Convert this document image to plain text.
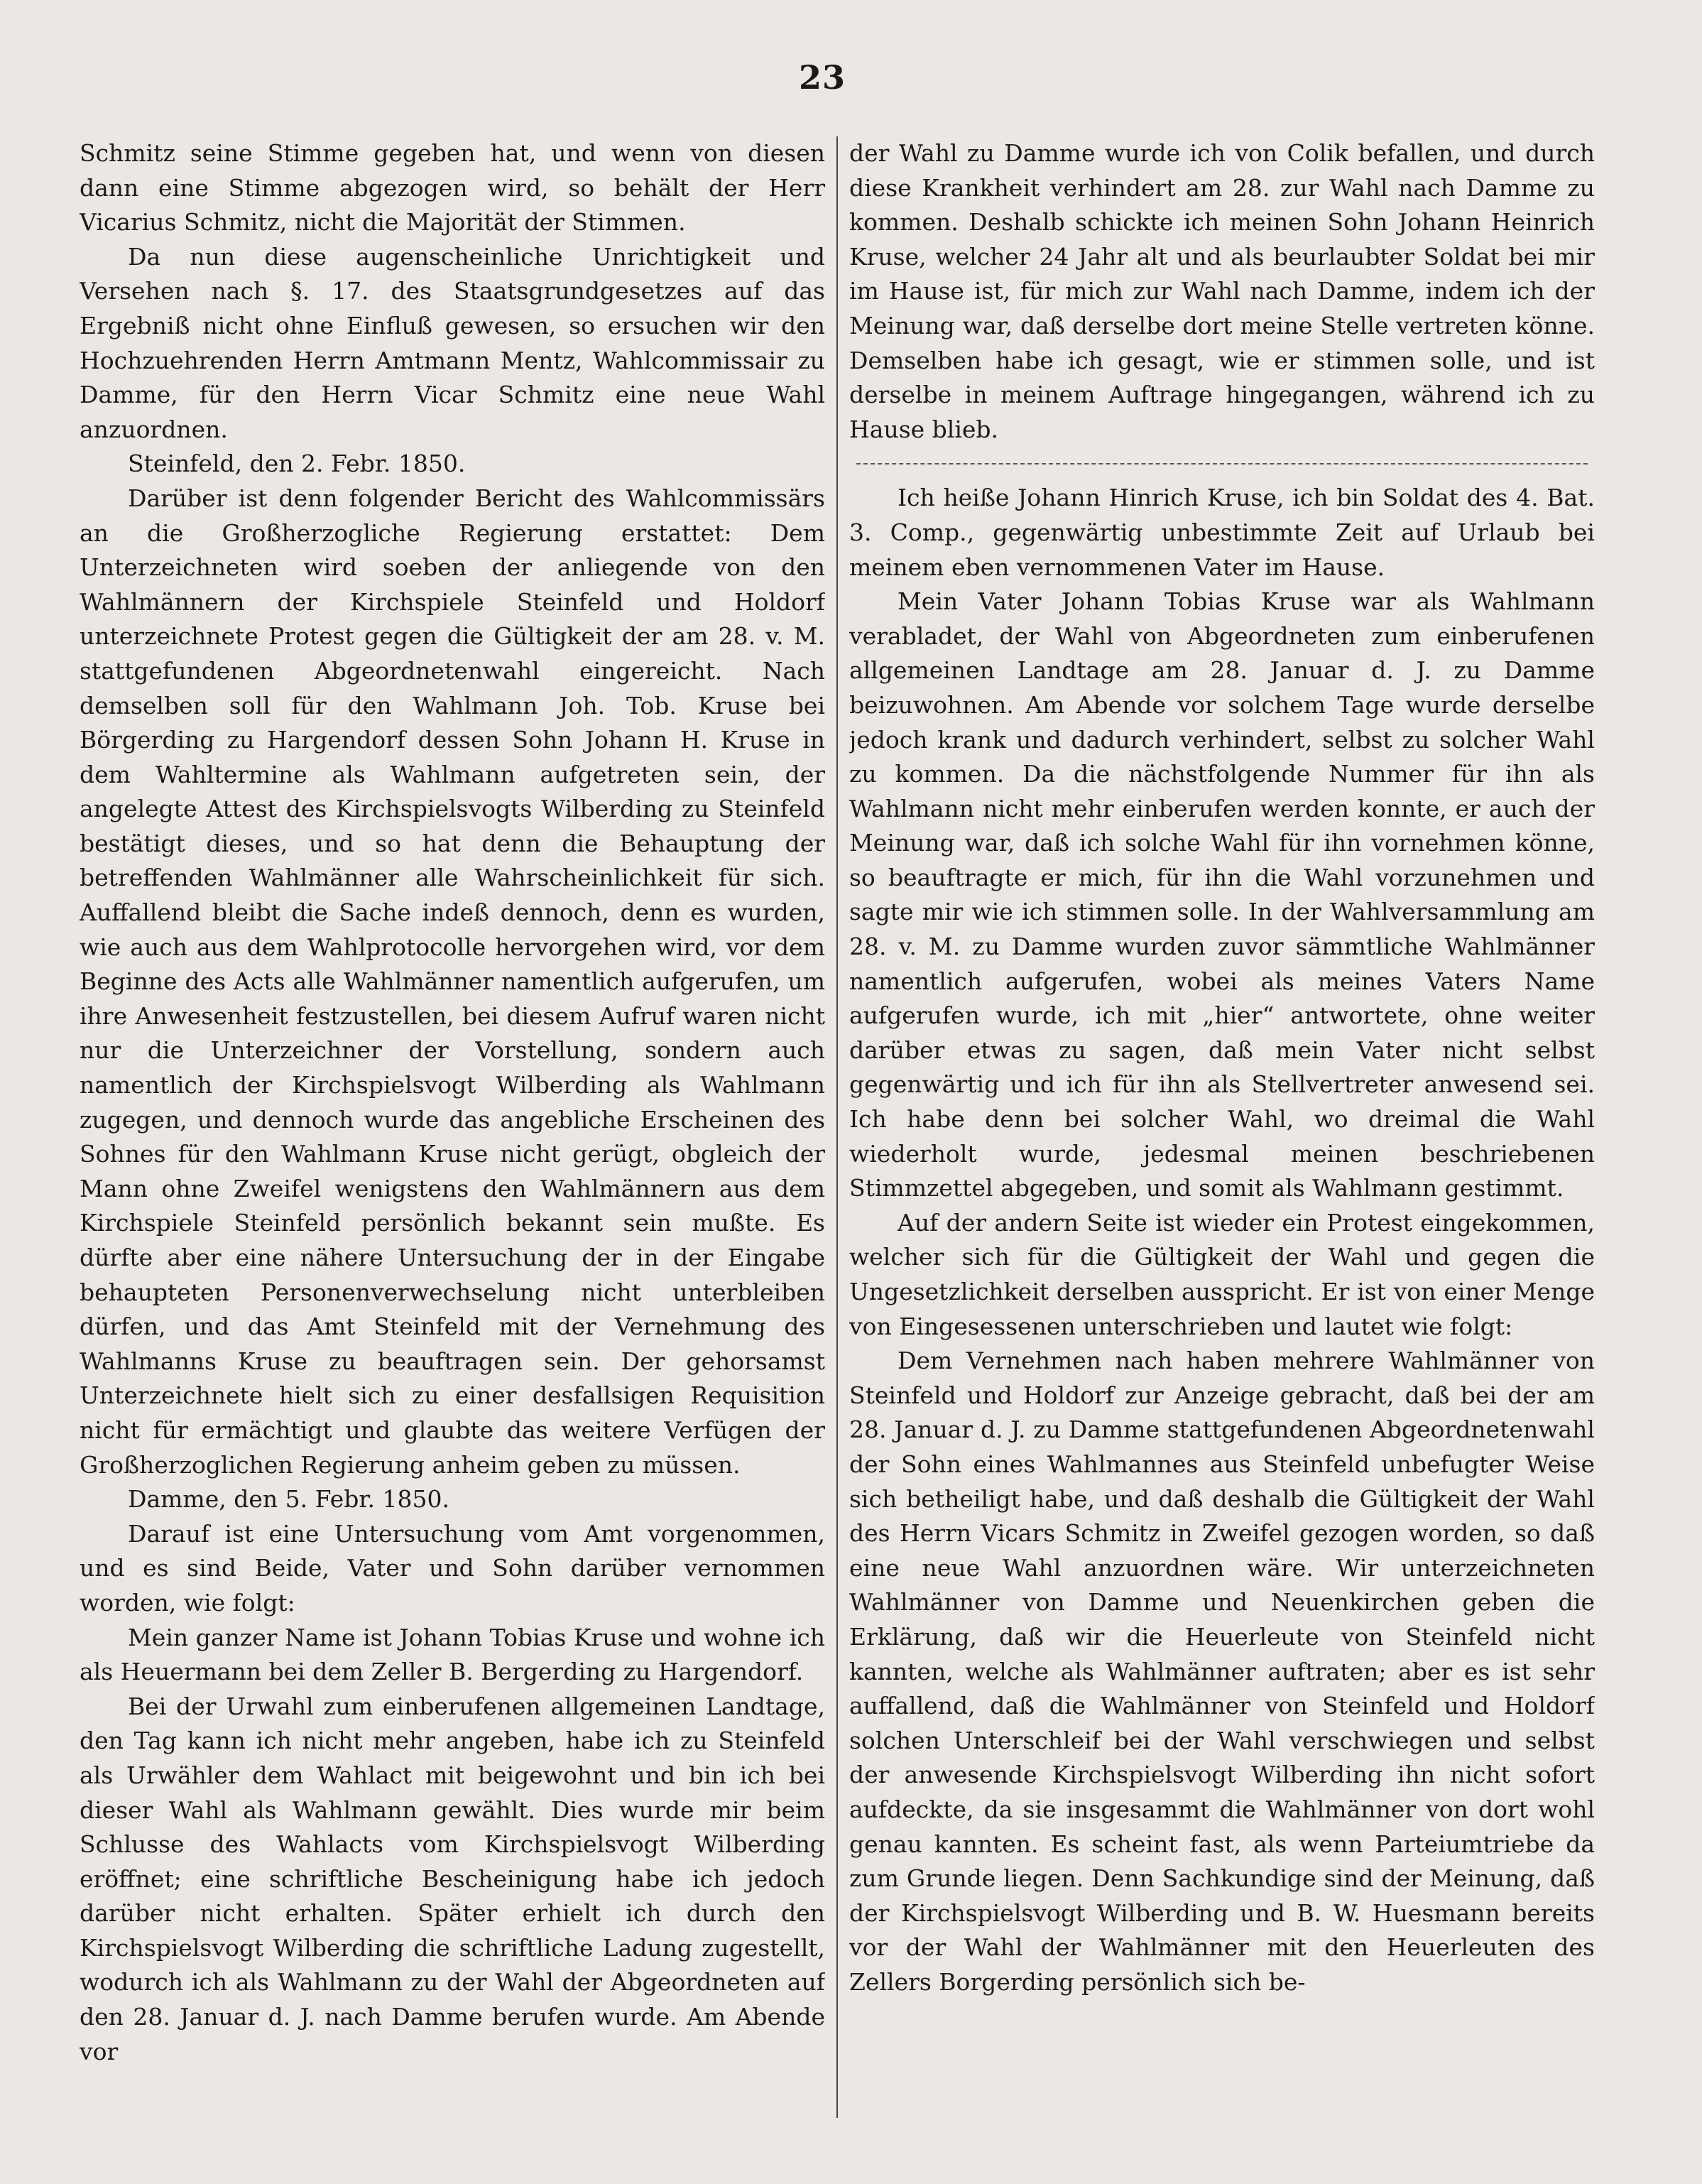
23

Schmitz seine Stimme gegeben hat, und wenn von diesen dann eine Stimme abgezogen wird, so behält der Herr Vicarius Schmitz, nicht die Majorität der Stimmen.

Da nun diese augenscheinliche Unrichtigkeit und Versehen nach §. 17. des Staatsgrundgesetzes auf das Ergebniß nicht ohne Einfluß gewesen, so ersuchen wir den Hochzuehrenden Herrn Amtmann Mentz, Wahlcommissair zu Damme, für den Herrn Vicar Schmitz eine neue Wahl anzuordnen.

Steinfeld, den 2. Febr. 1850.

Darüber ist denn folgender Bericht des Wahlcommissärs an die Großherzogliche Regierung erstattet: Dem Unterzeichneten wird soeben der anliegende von den Wahlmännern der Kirchspiele Steinfeld und Holdorf unterzeichnete Protest gegen die Gültigkeit der am 28. v. M. stattgefundenen Abgeordnetenwahl eingereicht. Nach demselben soll für den Wahlmann Joh. Tob. Kruse bei Börgerding zu Hargendorf dessen Sohn Johann H. Kruse in dem Wahltermine als Wahlmann aufgetreten sein, der angelegte Attest des Kirchspielsvogts Wilberding zu Steinfeld bestätigt dieses, und so hat denn die Behauptung der betreffenden Wahlmänner alle Wahrscheinlichkeit für sich. Auffallend bleibt die Sache indeß dennoch, denn es wurden, wie auch aus dem Wahlprotocolle hervorgehen wird, vor dem Beginne des Acts alle Wahlmänner namentlich aufgerufen, um ihre Anwesenheit festzustellen, bei diesem Aufruf waren nicht nur die Unterzeichner der Vorstellung, sondern auch namentlich der Kirchspielsvogt Wilberding als Wahlmann zugegen, und dennoch wurde das angebliche Erscheinen des Sohnes für den Wahlmann Kruse nicht gerügt, obgleich der Mann ohne Zweifel wenigstens den Wahlmännern aus dem Kirchspiele Steinfeld persönlich bekannt sein mußte. Es dürfte aber eine nähere Untersuchung der in der Eingabe behaupteten Personenverwechselung nicht unterbleiben dürfen, und das Amt Steinfeld mit der Vernehmung des Wahlmanns Kruse zu beauftragen sein. Der gehorsamst Unterzeichnete hielt sich zu einer desfallsigen Requisition nicht für ermächtigt und glaubte das weitere Verfügen der Großherzoglichen Regierung anheim geben zu müssen.

Damme, den 5. Febr. 1850.

Darauf ist eine Untersuchung vom Amt vorgenommen, und es sind Beide, Vater und Sohn darüber vernommen worden, wie folgt:

Mein ganzer Name ist Johann Tobias Kruse und wohne ich als Heuermann bei dem Zeller B. Bergerding zu Hargendorf.

Bei der Urwahl zum einberufenen allgemeinen Landtage, den Tag kann ich nicht mehr angeben, habe ich zu Steinfeld als Urwähler dem Wahlact mit beigewohnt und bin ich bei dieser Wahl als Wahlmann gewählt. Dies wurde mir beim Schlusse des Wahlacts vom Kirchspielsvogt Wilberding eröffnet; eine schriftliche Bescheinigung habe ich jedoch darüber nicht erhalten. Später erhielt ich durch den Kirchspielsvogt Wilberding die schriftliche Ladung zugestellt, wodurch ich als Wahlmann zu der Wahl der Abgeordneten auf den 28. Januar d. J. nach Damme berufen wurde. Am Abende vor

der Wahl zu Damme wurde ich von Colik befallen, und durch diese Krankheit verhindert am 28. zur Wahl nach Damme zu kommen. Deshalb schickte ich meinen Sohn Johann Heinrich Kruse, welcher 24 Jahr alt und als beurlaubter Soldat bei mir im Hause ist, für mich zur Wahl nach Damme, indem ich der Meinung war, daß derselbe dort meine Stelle vertreten könne. Demselben habe ich gesagt, wie er stimmen solle, und ist derselbe in meinem Auftrage hingegangen, während ich zu Hause blieb.

Ich heiße Johann Hinrich Kruse, ich bin Soldat des 4. Bat. 3. Comp., gegenwärtig unbestimmte Zeit auf Urlaub bei meinem eben vernommenen Vater im Hause.

Mein Vater Johann Tobias Kruse war als Wahlmann verabladet, der Wahl von Abgeordneten zum einberufenen allgemeinen Landtage am 28. Januar d. J. zu Damme beizuwohnen. Am Abende vor solchem Tage wurde derselbe jedoch krank und dadurch verhindert, selbst zu solcher Wahl zu kommen. Da die nächstfolgende Nummer für ihn als Wahlmann nicht mehr einberufen werden konnte, er auch der Meinung war, daß ich solche Wahl für ihn vornehmen könne, so beauftragte er mich, für ihn die Wahl vorzunehmen und sagte mir wie ich stimmen solle. In der Wahlversammlung am 28. v. M. zu Damme wurden zuvor sämmtliche Wahlmänner namentlich aufgerufen, wobei als meines Vaters Name aufgerufen wurde, ich mit „hier“ antwortete, ohne weiter darüber etwas zu sagen, daß mein Vater nicht selbst gegenwärtig und ich für ihn als Stellvertreter anwesend sei. Ich habe denn bei solcher Wahl, wo dreimal die Wahl wiederholt wurde, jedesmal meinen beschriebenen Stimmzettel abgegeben, und somit als Wahlmann gestimmt.

Auf der andern Seite ist wieder ein Protest eingekommen, welcher sich für die Gültigkeit der Wahl und gegen die Ungesetzlichkeit derselben ausspricht. Er ist von einer Menge von Eingesessenen unterschrieben und lautet wie folgt:

Dem Vernehmen nach haben mehrere Wahlmänner von Steinfeld und Holdorf zur Anzeige gebracht, daß bei der am 28. Januar d. J. zu Damme stattgefundenen Abgeordnetenwahl der Sohn eines Wahlmannes aus Steinfeld unbefugter Weise sich betheiligt habe, und daß deshalb die Gültigkeit der Wahl des Herrn Vicars Schmitz in Zweifel gezogen worden, so daß eine neue Wahl anzuordnen wäre. Wir unterzeichneten Wahlmänner von Damme und Neuenkirchen geben die Erklärung, daß wir die Heuerleute von Steinfeld nicht kannten, welche als Wahlmänner auftraten; aber es ist sehr auffallend, daß die Wahlmänner von Steinfeld und Holdorf solchen Unterschleif bei der Wahl verschwiegen und selbst der anwesende Kirchspielsvogt Wilberding ihn nicht sofort aufdeckte, da sie insgesammt die Wahlmänner von dort wohl genau kannten. Es scheint fast, als wenn Parteiumtriebe da zum Grunde liegen. Denn Sachkundige sind der Meinung, daß der Kirchspielsvogt Wilberding und B. W. Huesmann bereits vor der Wahl der Wahlmänner mit den Heuerleuten des Zellers Borgerding persönlich sich be-
